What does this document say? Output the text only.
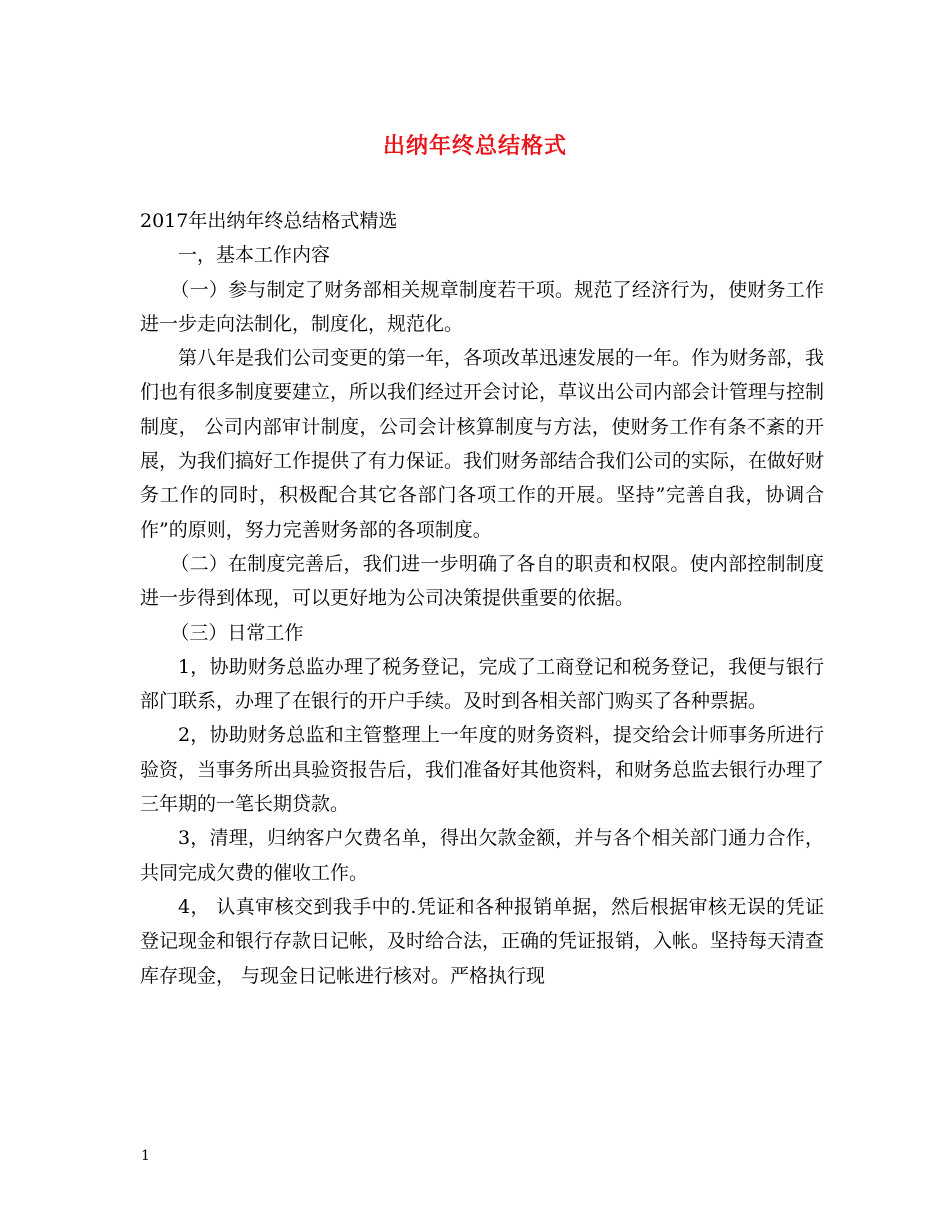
出纳年终总结格式

2017年出纳年终总结格式精选

一，基本工作内容

（一）参与制定了财务部相关规章制度若干项。规范了经济行为，使财务工作进一步走向法制化，制度化，规范化。

第八年是我们公司变更的第一年，各项改革迅速发展的一年。作为财务部，我们也有很多制度要建立，所以我们经过开会讨论，草议出公司内部会计管理与控制制度， 公司内部审计制度，公司会计核算制度与方法，使财务工作有条不紊的开展，为我们搞好工作提供了有力保证。我们财务部结合我们公司的实际，在做好财务工作的同时，积极配合其它各部门各项工作的开展。坚持”完善自我，协调合作”的原则，努力完善财务部的各项制度。

（二）在制度完善后，我们进一步明确了各自的职责和权限。使内部控制制度进一步得到体现，可以更好地为公司决策提供重要的依据。

（三）日常工作

1，协助财务总监办理了税务登记，完成了工商登记和税务登记，我便与银行部门联系，办理了在银行的开户手续。及时到各相关部门购买了各种票据。

2，协助财务总监和主管整理上一年度的财务资料，提交给会计师事务所进行验资，当事务所出具验资报告后，我们准备好其他资料，和财务总监去银行办理了三年期的一笔长期贷款。

3，清理，归纳客户欠费名单，得出欠款金额，并与各个相关部门通力合作，共同完成欠费的催收工作。

4， 认真审核交到我手中的.凭证和各种报销单据，然后根据审核无误的凭证登记现金和银行存款日记帐，及时给合法，正确的凭证报销，入帐。坚持每天清查库存现金， 与现金日记帐进行核对。严格执行现

1
